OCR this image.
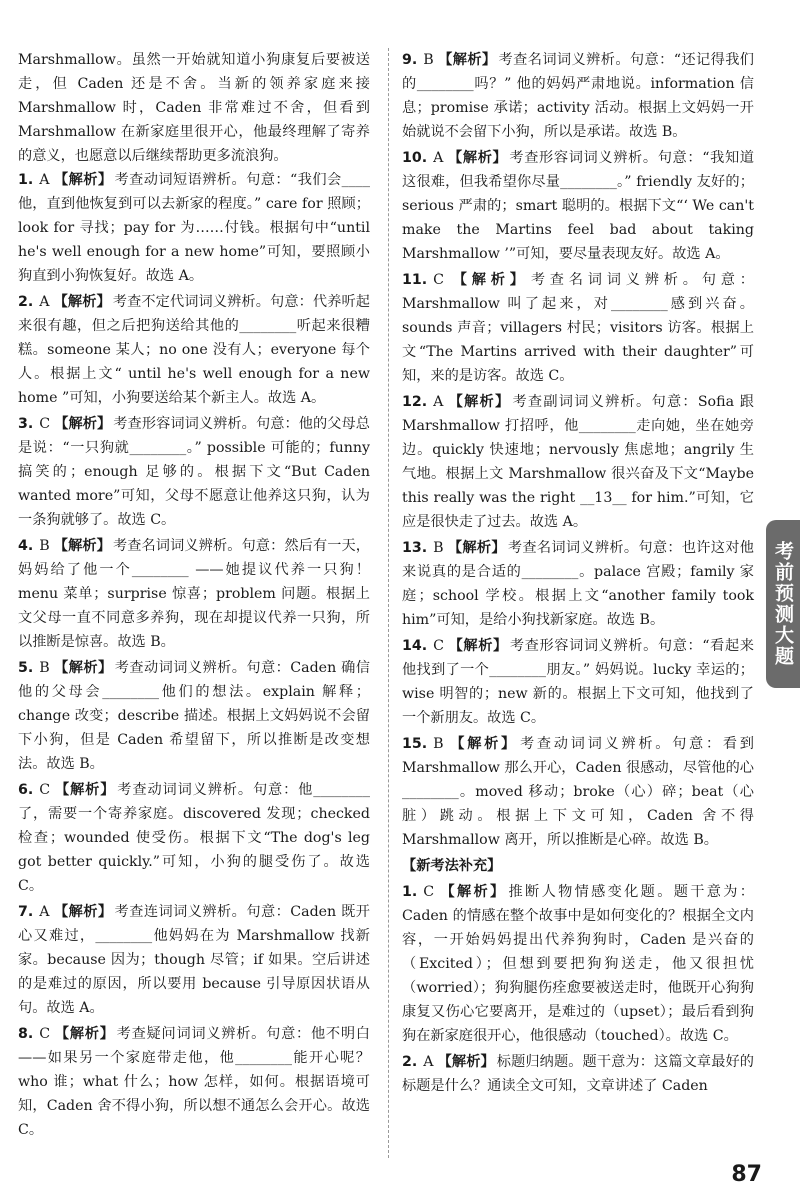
Marshmallow。虽然一开始就知道小狗康复后要被送走，但 Caden 还是不舍。当新的领养家庭来接 Marshmallow 时，Caden 非常难过不舍，但看到 Marshmallow 在新家庭里很开心，他最终理解了寄养的意义，也愿意以后继续帮助更多流浪狗。

1. A 【解析】 考查动词短语辨析。句意：“我们会____他，直到他恢复到可以去新家的程度。” care for 照顾；look for 寻找；pay for 为……付钱。根据句中“until he's well enough for a new home”可知，要照顾小狗直到小狗恢复好。故选 A。

2. A 【解析】 考查不定代词词义辨析。句意：代养听起来很有趣，但之后把狗送给其他的________听起来很糟糕。someone 某人；no one 没有人；everyone 每个人。根据上文“ until he's well enough for a new home ”可知，小狗要送给某个新主人。故选 A。

3. C 【解析】 考查形容词词义辨析。句意：他的父母总是说：“一只狗就________。” possible 可能的；funny 搞笑的；enough 足够的。根据下文“But Caden wanted more”可知，父母不愿意让他养这只狗，认为一条狗就够了。故选 C。

4. B 【解析】 考查名词词义辨析。句意：然后有一天，妈妈给了他一个________ ——她提议代养一只狗！ menu 菜单；surprise 惊喜；problem 问题。根据上文父母一直不同意多养狗，现在却提议代养一只狗，所以推断是惊喜。故选 B。

5. B 【解析】 考查动词词义辨析。句意：Caden 确信他的父母会________他们的想法。explain 解释；change 改变；describe 描述。根据上文妈妈说不会留下小狗，但是 Caden 希望留下，所以推断是改变想法。故选 B。

6. C 【解析】 考查动词词义辨析。句意：他________了，需要一个寄养家庭。discovered 发现；checked 检查；wounded 使受伤。根据下文“The dog's leg got better quickly.”可知，小狗的腿受伤了。故选 C。

7. A 【解析】 考查连词词义辨析。句意：Caden 既开心又难过，________他妈妈在为 Marshmallow 找新家。because 因为；though 尽管；if 如果。空后讲述的是难过的原因，所以要用 because 引导原因状语从句。故选 A。

8. C 【解析】 考查疑问词词义辨析。句意：他不明白——如果另一个家庭带走他，他________能开心呢？ who 谁；what 什么；how 怎样，如何。根据语境可知，Caden 舍不得小狗，所以想不通怎么会开心。故选 C。

9. B 【解析】 考查名词词义辨析。句意：“还记得我们的________吗？” 他的妈妈严肃地说。information 信息；promise 承诺；activity 活动。根据上文妈妈一开始就说不会留下小狗，所以是承诺。故选 B。

10. A 【解析】 考查形容词词义辨析。句意：“我知道这很难，但我希望你尽量________。” friendly 友好的；serious 严肃的；smart 聪明的。根据下文“‘ We can't make the Martins feel bad about taking Marshmallow ’”可知，要尽量表现友好。故选 A。

11. C 【解析】 考查名词词义辨析。句意：Marshmallow 叫了起来，对________感到兴奋。sounds 声音；villagers 村民；visitors 访客。根据上文“The Martins arrived with their daughter”可知，来的是访客。故选 C。

12. A 【解析】 考查副词词义辨析。句意：Sofia 跟 Marshmallow 打招呼，他________走向她，坐在她旁边。quickly 快速地；nervously 焦虑地；angrily 生气地。根据上文 Marshmallow 很兴奋及下文“Maybe this really was the right __13__ for him.”可知，它应是很快走了过去。故选 A。

13. B 【解析】 考查名词词义辨析。句意：也许这对他来说真的是合适的________。palace 宫殿；family 家庭；school 学校。根据上文“another family took him”可知，是给小狗找新家庭。故选 B。

14. C 【解析】 考查形容词词义辨析。句意：“看起来他找到了一个________朋友。” 妈妈说。lucky 幸运的；wise 明智的；new 新的。根据上下文可知，他找到了一个新朋友。故选 C。

15. B 【解析】 考查动词词义辨析。句意：看到 Marshmallow 那么开心，Caden 很感动，尽管他的心________。moved 移动；broke（心）碎；beat（心脏）跳动。根据上下文可知，Caden 舍不得 Marshmallow 离开，所以推断是心碎。故选 B。

【新考法补充】

1. C 【解析】 推断人物情感变化题。题干意为：Caden 的情感在整个故事中是如何变化的？根据全文内容，一开始妈妈提出代养狗狗时，Caden 是兴奋的（Excited）；但想到要把狗狗送走，他又很担忧（worried）；狗狗腿伤痊愈要被送走时，他既开心狗狗康复又伤心它要离开，是难过的（upset）；最后看到狗狗在新家庭很开心，他很感动（touched）。故选 C。

2. A 【解析】 标题归纳题。题干意为：这篇文章最好的标题是什么？通读全文可知，文章讲述了 Caden

考前预测大题
87
